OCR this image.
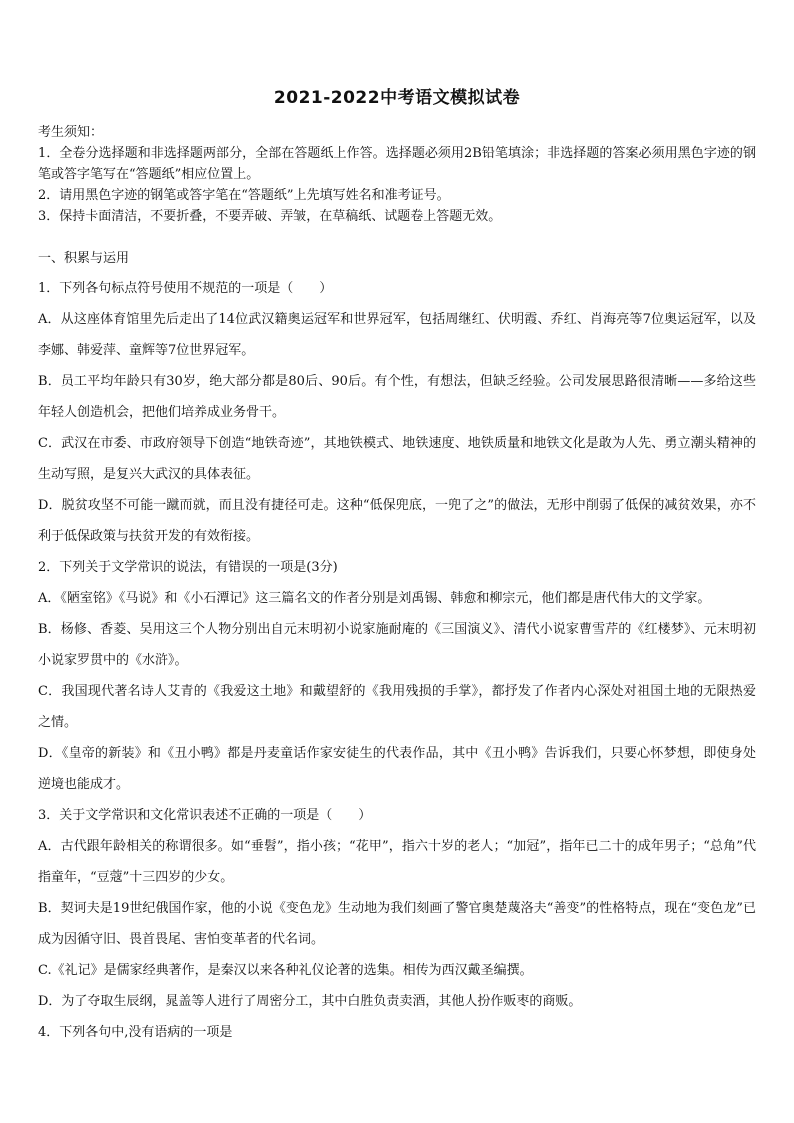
2021-2022中考语文模拟试卷

考生须知：

1．全卷分选择题和非选择题两部分，全部在答题纸上作答。选择题必须用2B铅笔填涂；非选择题的答案必须用黑色字迹的钢笔或答字笔写在“答题纸”相应位置上。

2．请用黑色字迹的钢笔或答字笔在“答题纸”上先填写姓名和准考证号。

3．保持卡面清洁，不要折叠，不要弄破、弄皱，在草稿纸、试题卷上答题无效。

一、积累与运用

1．下列各句标点符号使用不规范的一项是（　　）

A．从这座体育馆里先后走出了14位武汉籍奥运冠军和世界冠军，包括周继红、伏明霞、乔红、肖海亮等7位奥运冠军，以及李娜、韩爱萍、童辉等7位世界冠军。

B．员工平均年龄只有30岁，绝大部分都是80后、90后。有个性，有想法，但缺乏经验。公司发展思路很清晰——多给这些年轻人创造机会，把他们培养成业务骨干。

C．武汉在市委、市政府领导下创造“地铁奇迹”，其地铁模式、地铁速度、地铁质量和地铁文化是敢为人先、勇立潮头精神的生动写照，是复兴大武汉的具体表征。

D．脱贫攻坚不可能一蹴而就，而且没有捷径可走。这种“低保兜底，一兜了之”的做法，无形中削弱了低保的减贫效果，亦不利于低保政策与扶贫开发的有效衔接。

2．下列关于文学常识的说法，有错误的一项是(3分)

A．《陋室铭》《马说》和《小石潭记》这三篇名文的作者分别是刘禹锡、韩愈和柳宗元，他们都是唐代伟大的文学家。

B．杨修、香菱、吴用这三个人物分别出自元末明初小说家施耐庵的《三国演义》、清代小说家曹雪芹的《红楼梦》、元末明初小说家罗贯中的《水浒》。

C．我国现代著名诗人艾青的《我爱这土地》和戴望舒的《我用残损的手掌》，都抒发了作者内心深处对祖国土地的无限热爱之情。

D．《皇帝的新装》和《丑小鸭》都是丹麦童话作家安徒生的代表作品，其中《丑小鸭》告诉我们，只要心怀梦想，即使身处逆境也能成才。

3．关于文学常识和文化常识表述不正确的一项是（　　）

A．古代跟年龄相关的称谓很多。如“垂髫”，指小孩；“花甲”，指六十岁的老人；“加冠”，指年已二十的成年男子；“总角”代指童年，“豆蔻”十三四岁的少女。

B．契诃夫是19世纪俄国作家，他的小说《变色龙》生动地为我们刻画了警官奥楚蔑洛夫“善变”的性格特点，现在“变色龙”已成为因循守旧、畏首畏尾、害怕变革者的代名词。

C.《礼记》是儒家经典著作，是秦汉以来各种礼仪论著的选集。相传为西汉戴圣编撰。

D．为了夺取生辰纲，晁盖等人进行了周密分工，其中白胜负责卖酒，其他人扮作贩枣的商贩。

4．下列各句中,没有语病的一项是
